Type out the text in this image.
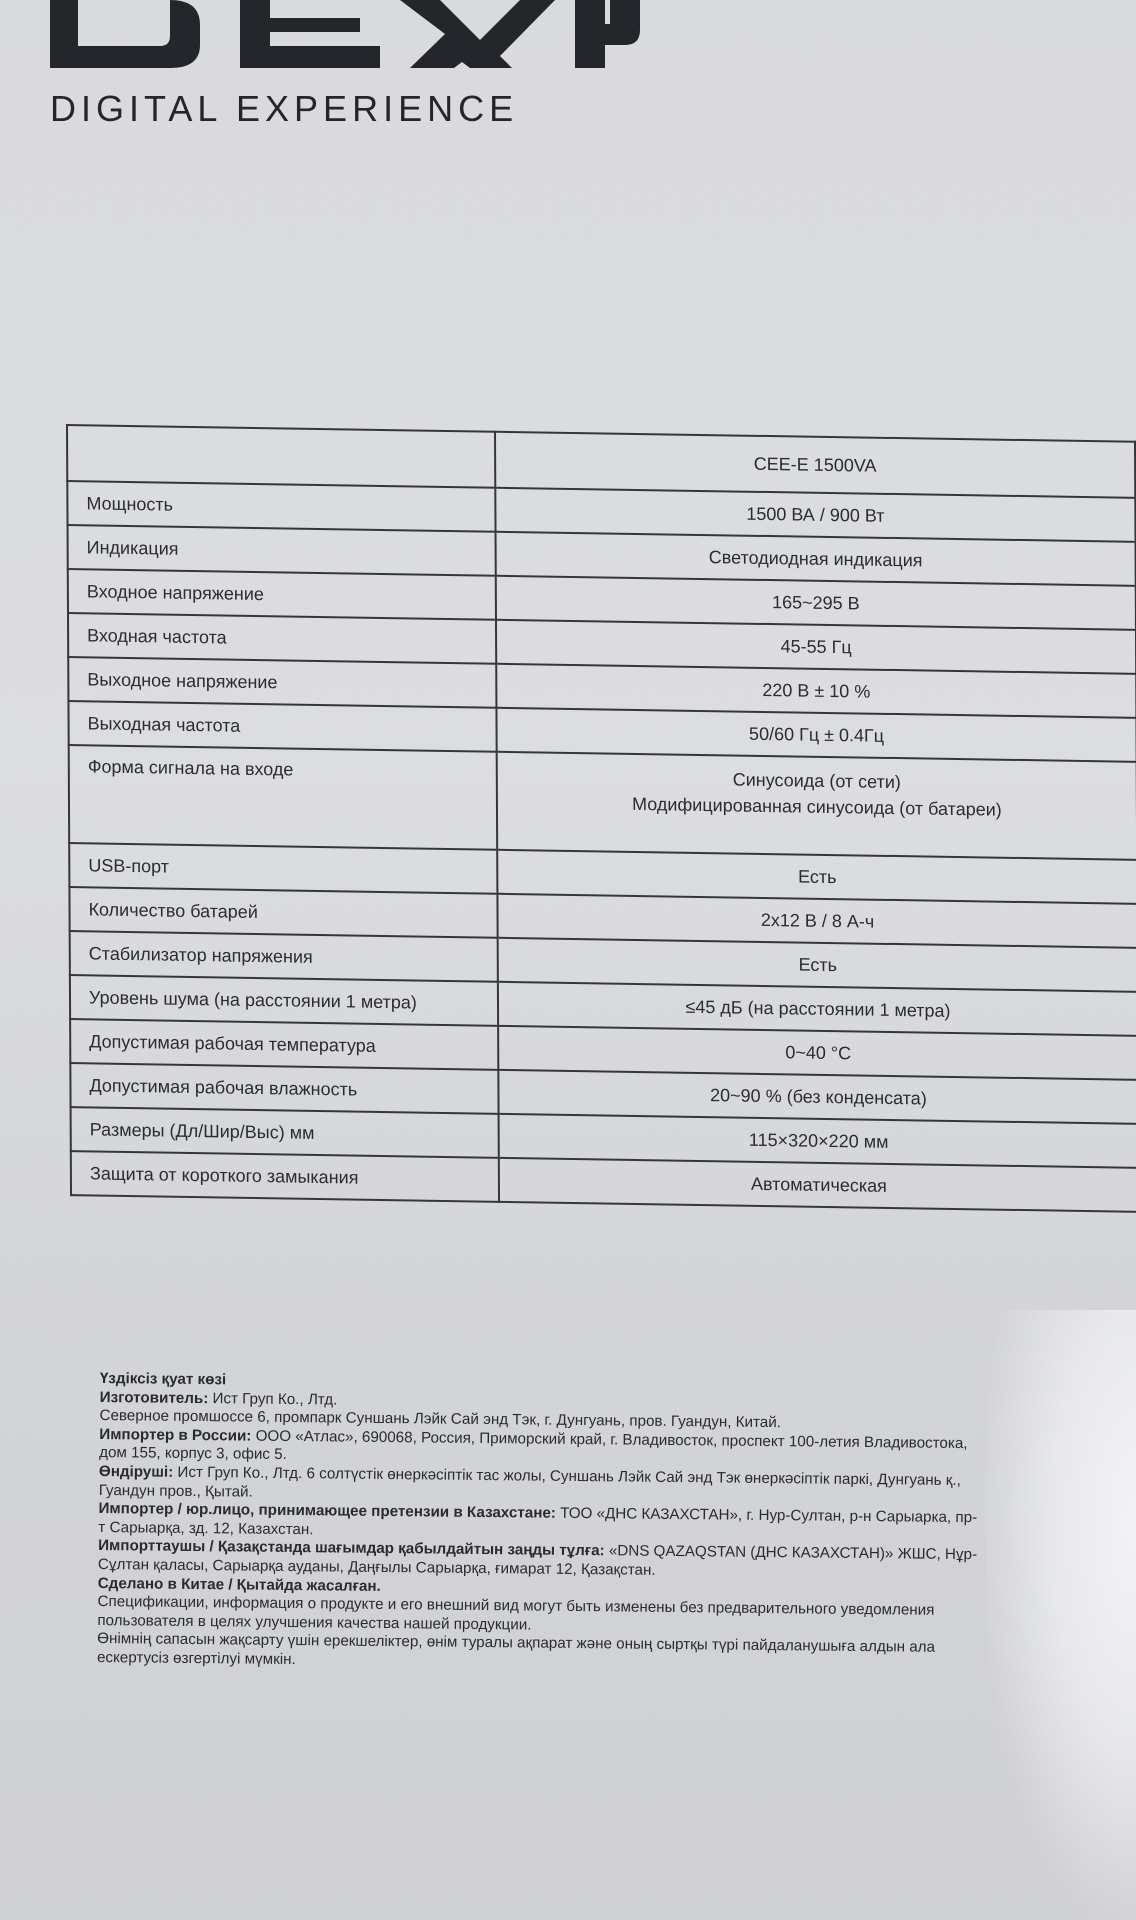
DIGITAL EXPERIENCE
	CEE-E 1500VA
Мощность	1500 ВА / 900 Вт

Индикация	Светодиодная индикация

Входное напряжение	165~295 В

Входная частота	45-55 Гц

Выходное напряжение	220 В ± 10 %

Выходная частота	50/60 Гц ± 0.4Гц

Форма сигнала на входе	Синусоида (от сети)
Модифицированная синусоида (от батареи)

USB-порт	Есть

Количество батарей	2x12 В / 8 А-ч

Стабилизатор напряжения	Есть

Уровень шума (на расстоянии 1 метра)	≤45 дБ (на расстоянии 1 метра)

Допустимая рабочая температура	0~40 °С

Допустимая рабочая влажность	20~90 % (без конденсата)

Размеры (Дл/Шир/Выс) мм	115×320×220 мм

Защита от короткого замыкания	Автоматическая

Үздіксіз қуат көзі

Изготовитель: Ист Груп Ко., Лтд.

Северное промшоссе 6, промпарк Суншань Лэйк Сай энд Тэк, г. Дунгуань, пров. Гуандун, Китай.

Импортер в России: ООО «Атлас», 690068, Россия, Приморский край, г. Владивосток, проспект 100-летия Владивостока, дом 155, корпус 3, офис 5.

Өндіруші: Ист Груп Ко., Лтд. 6 солтүстік өнеркәсіптік тас жолы, Суншань Лэйк Сай энд Тэк өнеркәсіптік паркі, Дунгуань қ., Гуандун пров., Қытай.

Импортер / юр.лицо, принимающее претензии в Казахстане: ТОО «ДНС КАЗАХСТАН», г. Нур-Султан, р-н Сарыарка, пр-т Сарыарқа, зд. 12, Казахстан.

Импорттаушы / Қазақстанда шағымдар қабылдайтын заңды тұлға: «DNS QAZAQSTAN (ДНС КАЗАХСТАН)» ЖШС, Нұр-Сұлтан қаласы, Сарыарқа ауданы, Даңғылы Сарыарқа, ғимарат 12, Қазақстан.

Сделано в Китае / Қытайда жасалған.

Спецификации, информация о продукте и его внешний вид могут быть изменены без предварительного уведомления пользователя в целях улучшения качества нашей продукции.

Өнімнің сапасын жақсарту үшін ерекшеліктер, өнім туралы ақпарат және оның сыртқы түрі пайдаланушыға алдын ала ескертусіз өзгертілуі мүмкін.
